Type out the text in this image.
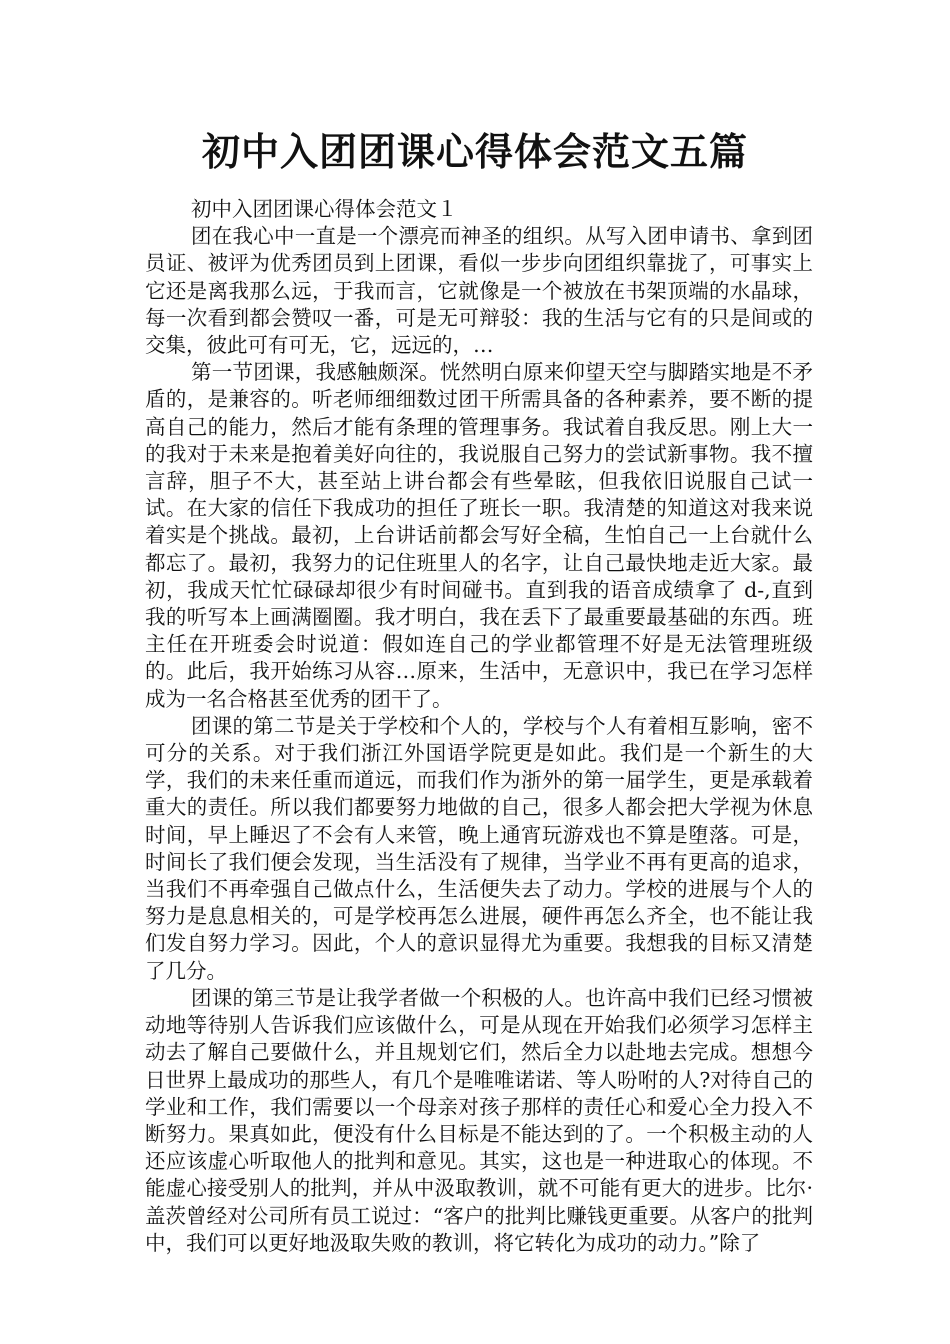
初中入团团课心得体会范文五篇

初中入团团课心得体会范文１

团在我心中一直是一个漂亮而神圣的组织。从写入团申请书、拿到团员证、被评为优秀团员到上团课，看似一步步向团组织靠拢了，可事实上它还是离我那么远，于我而言，它就像是一个被放在书架顶端的水晶球，每一次看到都会赞叹一番，可是无可辩驳：我的生活与它有的只是间或的交集，彼此可有可无，它，远远的，…

第一节团课，我感触颇深。恍然明白原来仰望天空与脚踏实地是不矛盾的，是兼容的。听老师细细数过团干所需具备的各种素养，要不断的提高自己的能力，然后才能有条理的管理事务。我试着自我反思。刚上大一的我对于未来是抱着美好向往的，我说服自己努力的尝试新事物。我不擅言辞，胆子不大，甚至站上讲台都会有些晕眩，但我依旧说服自己试一试。在大家的信任下我成功的担任了班长一职。我清楚的知道这对我来说着实是个挑战。最初，上台讲话前都会写好全稿，生怕自己一上台就什么都忘了。最初，我努力的记住班里人的名字，让自己最快地走近大家。最初，我成天忙忙碌碌却很少有时间碰书。直到我的语音成绩拿了 d-,直到我的听写本上画满圈圈。我才明白，我在丢下了最重要最基础的东西。班主任在开班委会时说道：假如连自己的学业都管理不好是无法管理班级的。此后，我开始练习从容…原来，生活中，无意识中，我已在学习怎样成为一名合格甚至优秀的团干了。

团课的第二节是关于学校和个人的，学校与个人有着相互影响，密不可分的关系。对于我们浙江外国语学院更是如此。我们是一个新生的大学，我们的未来任重而道远，而我们作为浙外的第一届学生，更是承载着重大的责任。所以我们都要努力地做的自己，很多人都会把大学视为休息时间，早上睡迟了不会有人来管，晚上通宵玩游戏也不算是堕落。可是，时间长了我们便会发现，当生活没有了规律，当学业不再有更高的追求，当我们不再牵强自己做点什么，生活便失去了动力。学校的进展与个人的努力是息息相关的，可是学校再怎么进展，硬件再怎么齐全，也不能让我们发自努力学习。因此，个人的意识显得尤为重要。我想我的目标又清楚了几分。

团课的第三节是让我学者做一个积极的人。也许高中我们已经习惯被动地等待别人告诉我们应该做什么，可是从现在开始我们必须学习怎样主动去了解自己要做什么，并且规划它们，然后全力以赴地去完成。想想今日世界上最成功的那些人，有几个是唯唯诺诺、等人吩咐的人?对待自己的学业和工作，我们需要以一个母亲对孩子那样的责任心和爱心全力投入不断努力。果真如此，便没有什么目标是不能达到的了。一个积极主动的人还应该虚心听取他人的批判和意见。其实，这也是一种进取心的体现。不能虚心接受别人的批判，并从中汲取教训，就不可能有更大的进步。比尔·盖茨曾经对公司所有员工说过：“客户的批判比赚钱更重要。从客户的批判中，我们可以更好地汲取失败的教训，将它转化为成功的动力。”除了
